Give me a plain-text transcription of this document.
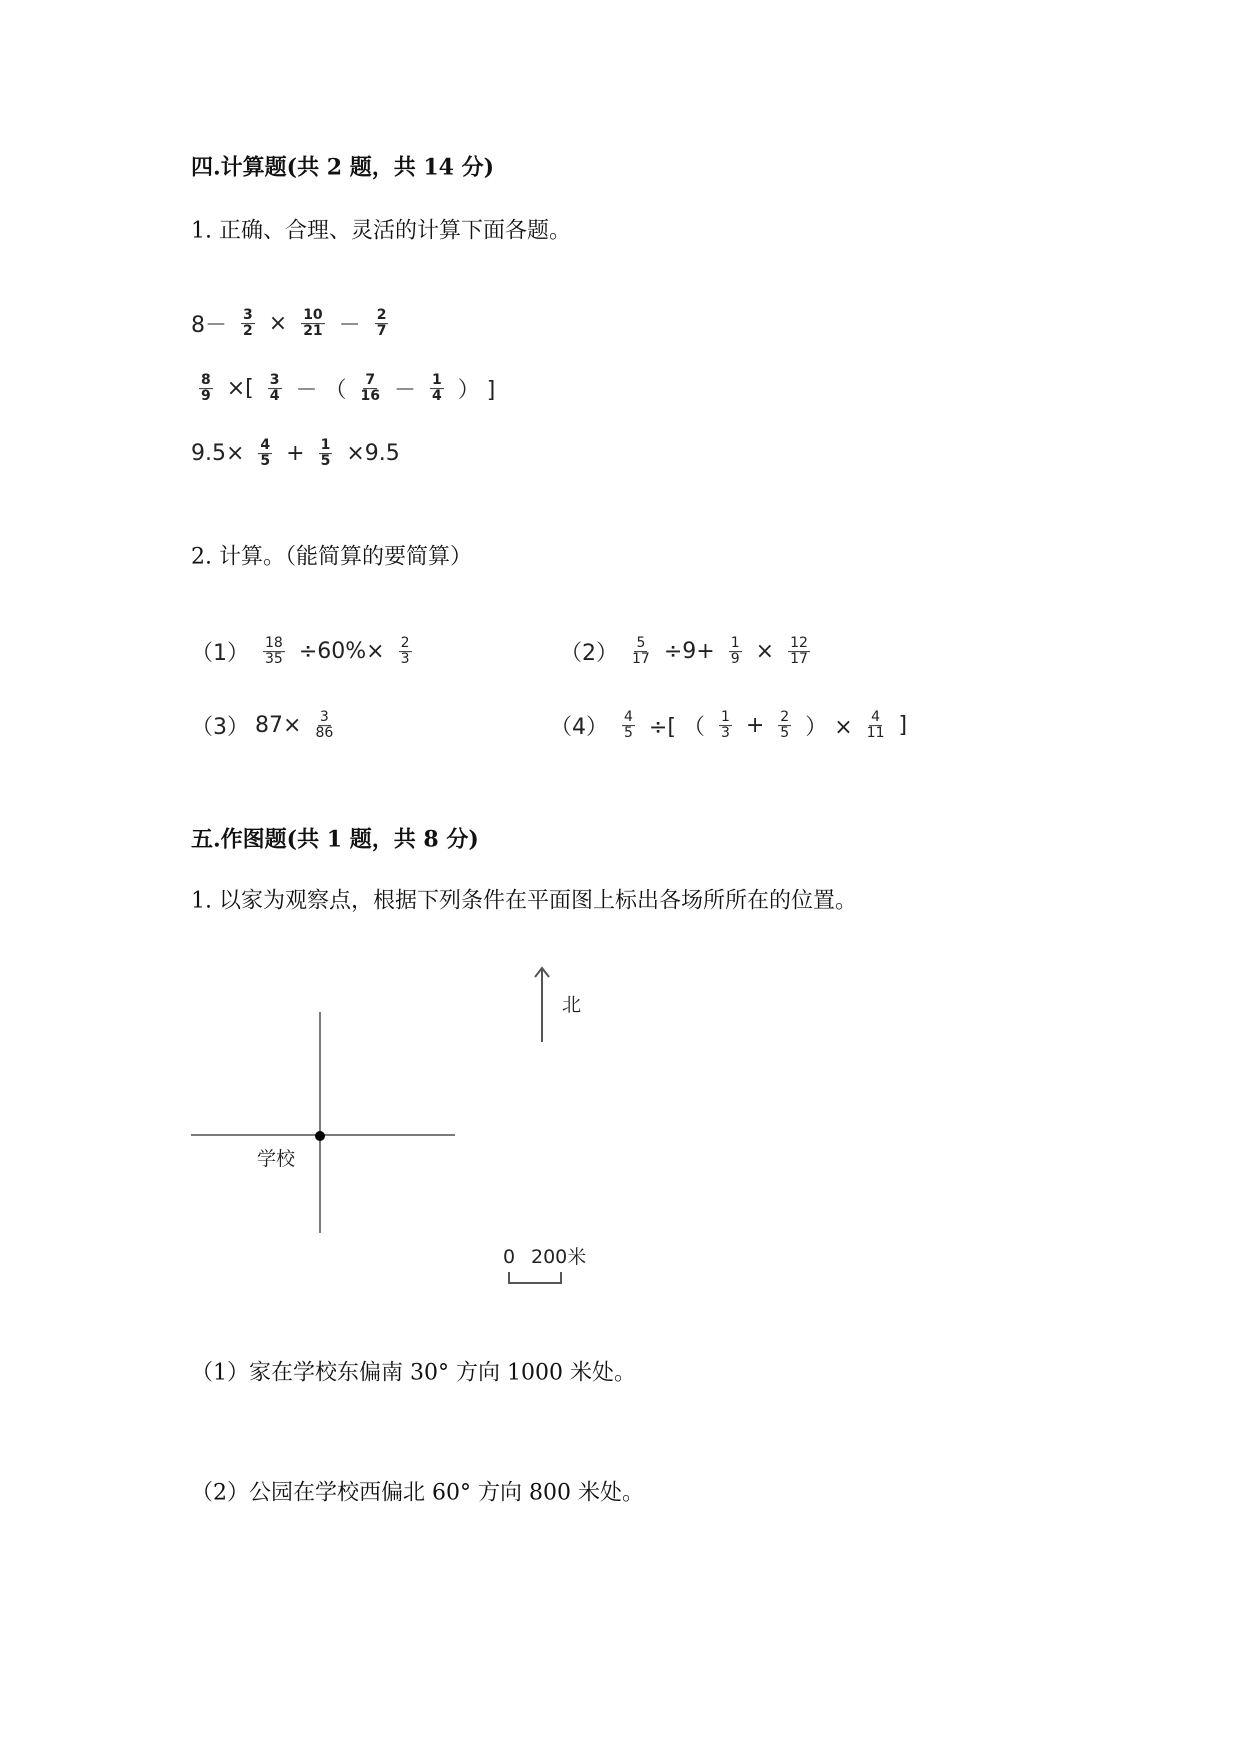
四.计算题(共 2 题，共 14 分)
1. 正确、合理、灵活的计算下面各题。
$8- \frac{3}{2} \times \frac{10}{21} - 2$
7
$\frac{8}{9}$ ×[ 3
4 － （ 7
16 － 1
4 ） ]
$9.5\times \frac{4}{5} + \frac{1}{5} \times 9.5$
2. 计算。（能简算的要简算）
$(1) \frac{18}{35} \div 60\%\times \frac{2}{3}$	$(2) \frac{5}{17} \div 9+ \frac{1}{9} \times \frac{12}{17}$
（3） $87\times \frac{3}{86}$	$(4) \frac{4}{5}$ ÷[ （ 1
$3 + \frac{2}{5}$ ） × $\frac{4}{11}$ ]
五.作图题(共 1 题，共 8 分)
1. 以家为观察点，根据下列条件在平面图上标出各场所所在的位置。
学校
北
0 200米
（1）家在学校东偏南 30° 方向 1000 米处。
（2）公园在学校西偏北 60° 方向 800 米处。
